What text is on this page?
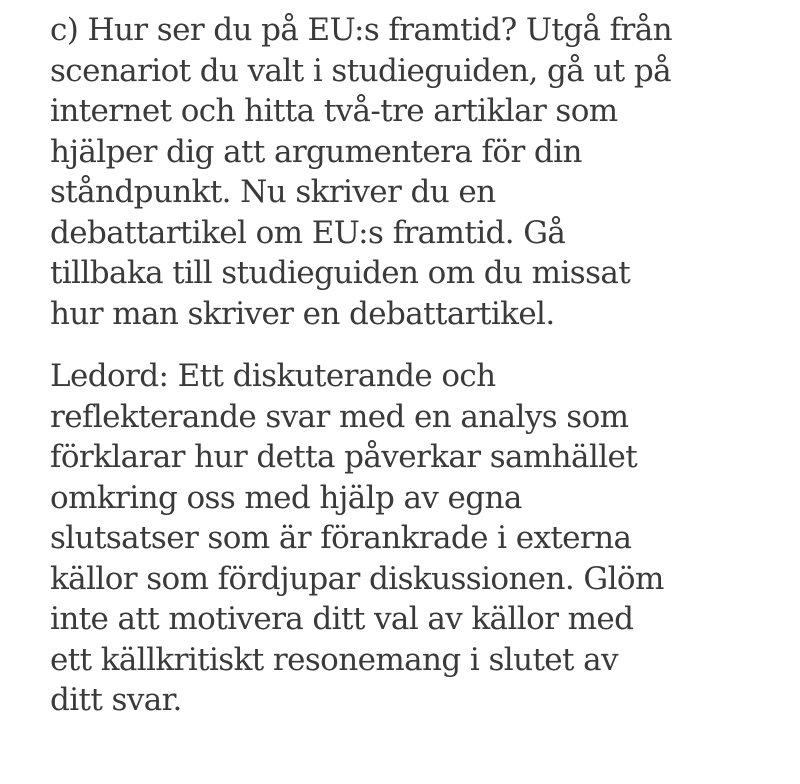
c) Hur ser du på EU:s framtid? Utgå från
scenariot du valt i studieguiden, gå ut på
internet och hitta två-tre artiklar som
hjälper dig att argumentera för din
ståndpunkt. Nu skriver du en
debattartikel om EU:s framtid. Gå
tillbaka till studieguiden om du missat
hur man skriver en debattartikel.
Ledord: Ett diskuterande och
reflekterande svar med en analys som
förklarar hur detta påverkar samhället
omkring oss med hjälp av egna
slutsatser som är förankrade i externa
källor som fördjupar diskussionen. Glöm
inte att motivera ditt val av källor med
ett källkritiskt resonemang i slutet av
ditt svar.
